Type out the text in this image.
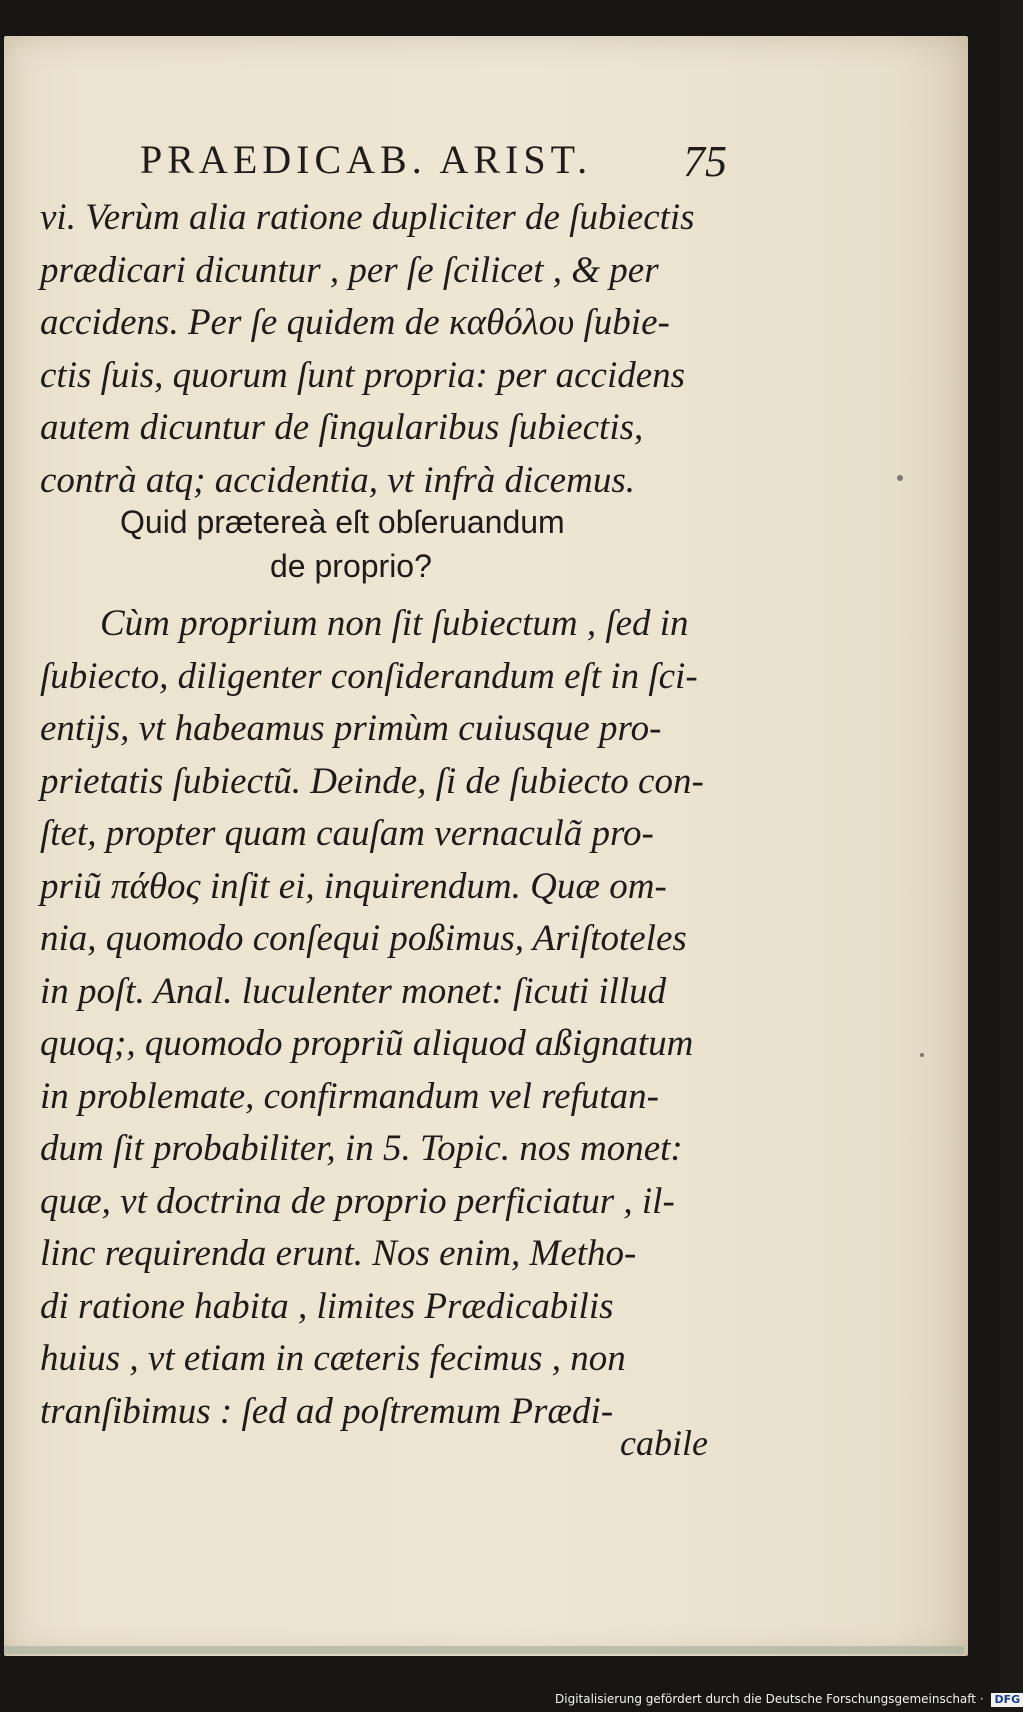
PRAEDICAB. ARIST.	75
vi. Verùm alia ratione dupliciter de ſubiectis
prædicari dicuntur , per ſe ſcilicet , & per
accidens. Per ſe quidem de καθόλου ſubie-
ctis ſuis, quorum ſunt propria: per accidens
autem dicuntur de ſingularibus ſubiectis,
contrà atq; accidentia, vt infrà dicemus.
Quid prætereà eſt obſeruandum
de proprio?
Cùm proprium non ſit ſubiectum , ſed in
ſubiecto, diligenter conſiderandum eſt in ſci-
entijs, vt habeamus primùm cuiusque pro-
prietatis ſubiectũ. Deinde, ſi de ſubiecto con-
ſtet, propter quam cauſam vernaculã pro-
priũ πάθος inſit ei, inquirendum. Quæ om-
nia, quomodo conſequi poßimus, Ariſtoteles
in poſt. Anal. luculenter monet: ſicuti illud
quoq;, quomodo propriũ aliquod aßignatum
in problemate, confirmandum vel refutan-
dum ſit probabiliter, in 5. Topic. nos monet:
quæ, vt doctrina de proprio perficiatur , il-
linc requirenda erunt. Nos enim, Metho-
di ratione habita , limites Prædicabilis
huius , vt etiam in cæteris fecimus , non
tranſibimus : ſed ad poſtremum Prædi-
cabile
Digitalisierung gefördert durch die Deutsche Forschungsgemeinschaft · DFG
